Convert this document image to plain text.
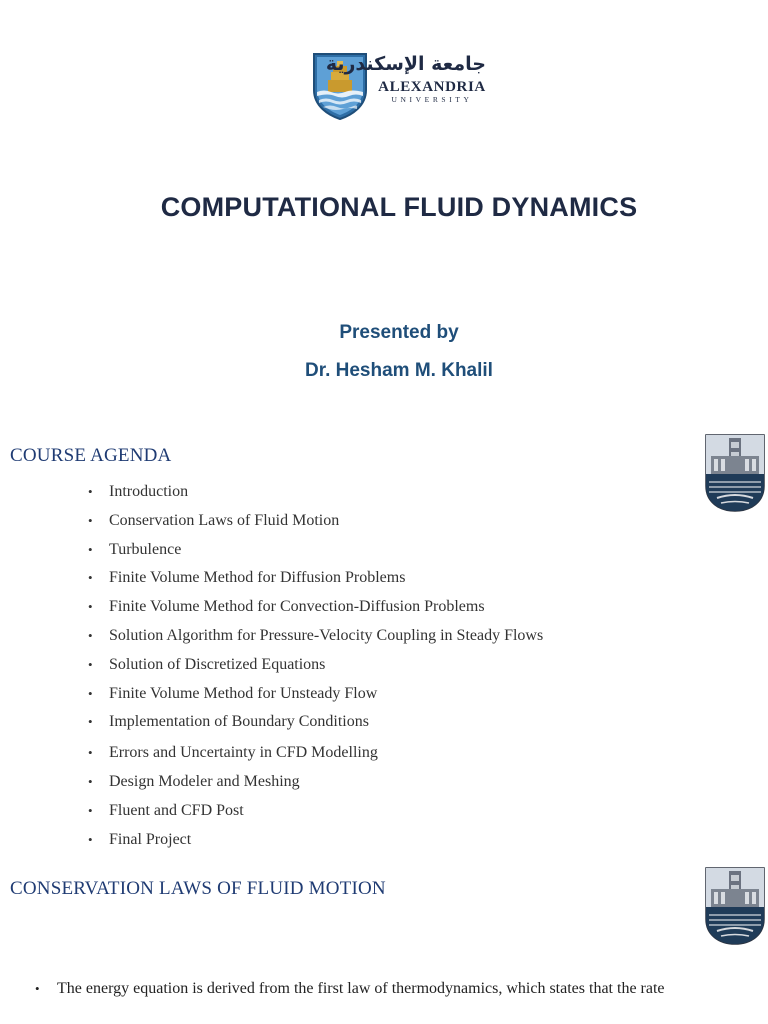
جامعة الإسكندرية
ALEXANDRIA
UNIVERSITY
COMPUTATIONAL FLUID DYNAMICS
Presented by
Dr. Hesham M. Khalil
COURSE AGENDA
• Introduction
• Conservation Laws of Fluid Motion
• Turbulence
• Finite Volume Method for Diffusion Problems
• Finite Volume Method for Convection-Diffusion Problems
• Solution Algorithm for Pressure-Velocity Coupling in Steady Flows
• Solution of Discretized Equations
• Finite Volume Method for Unsteady Flow
• Implementation of Boundary Conditions
• Errors and Uncertainty in CFD Modelling
• Design Modeler and Meshing
• Fluent and CFD Post
• Final Project
CONSERVATION LAWS OF FLUID MOTION
• The energy equation is derived from the first law of thermodynamics, which states that the rate
